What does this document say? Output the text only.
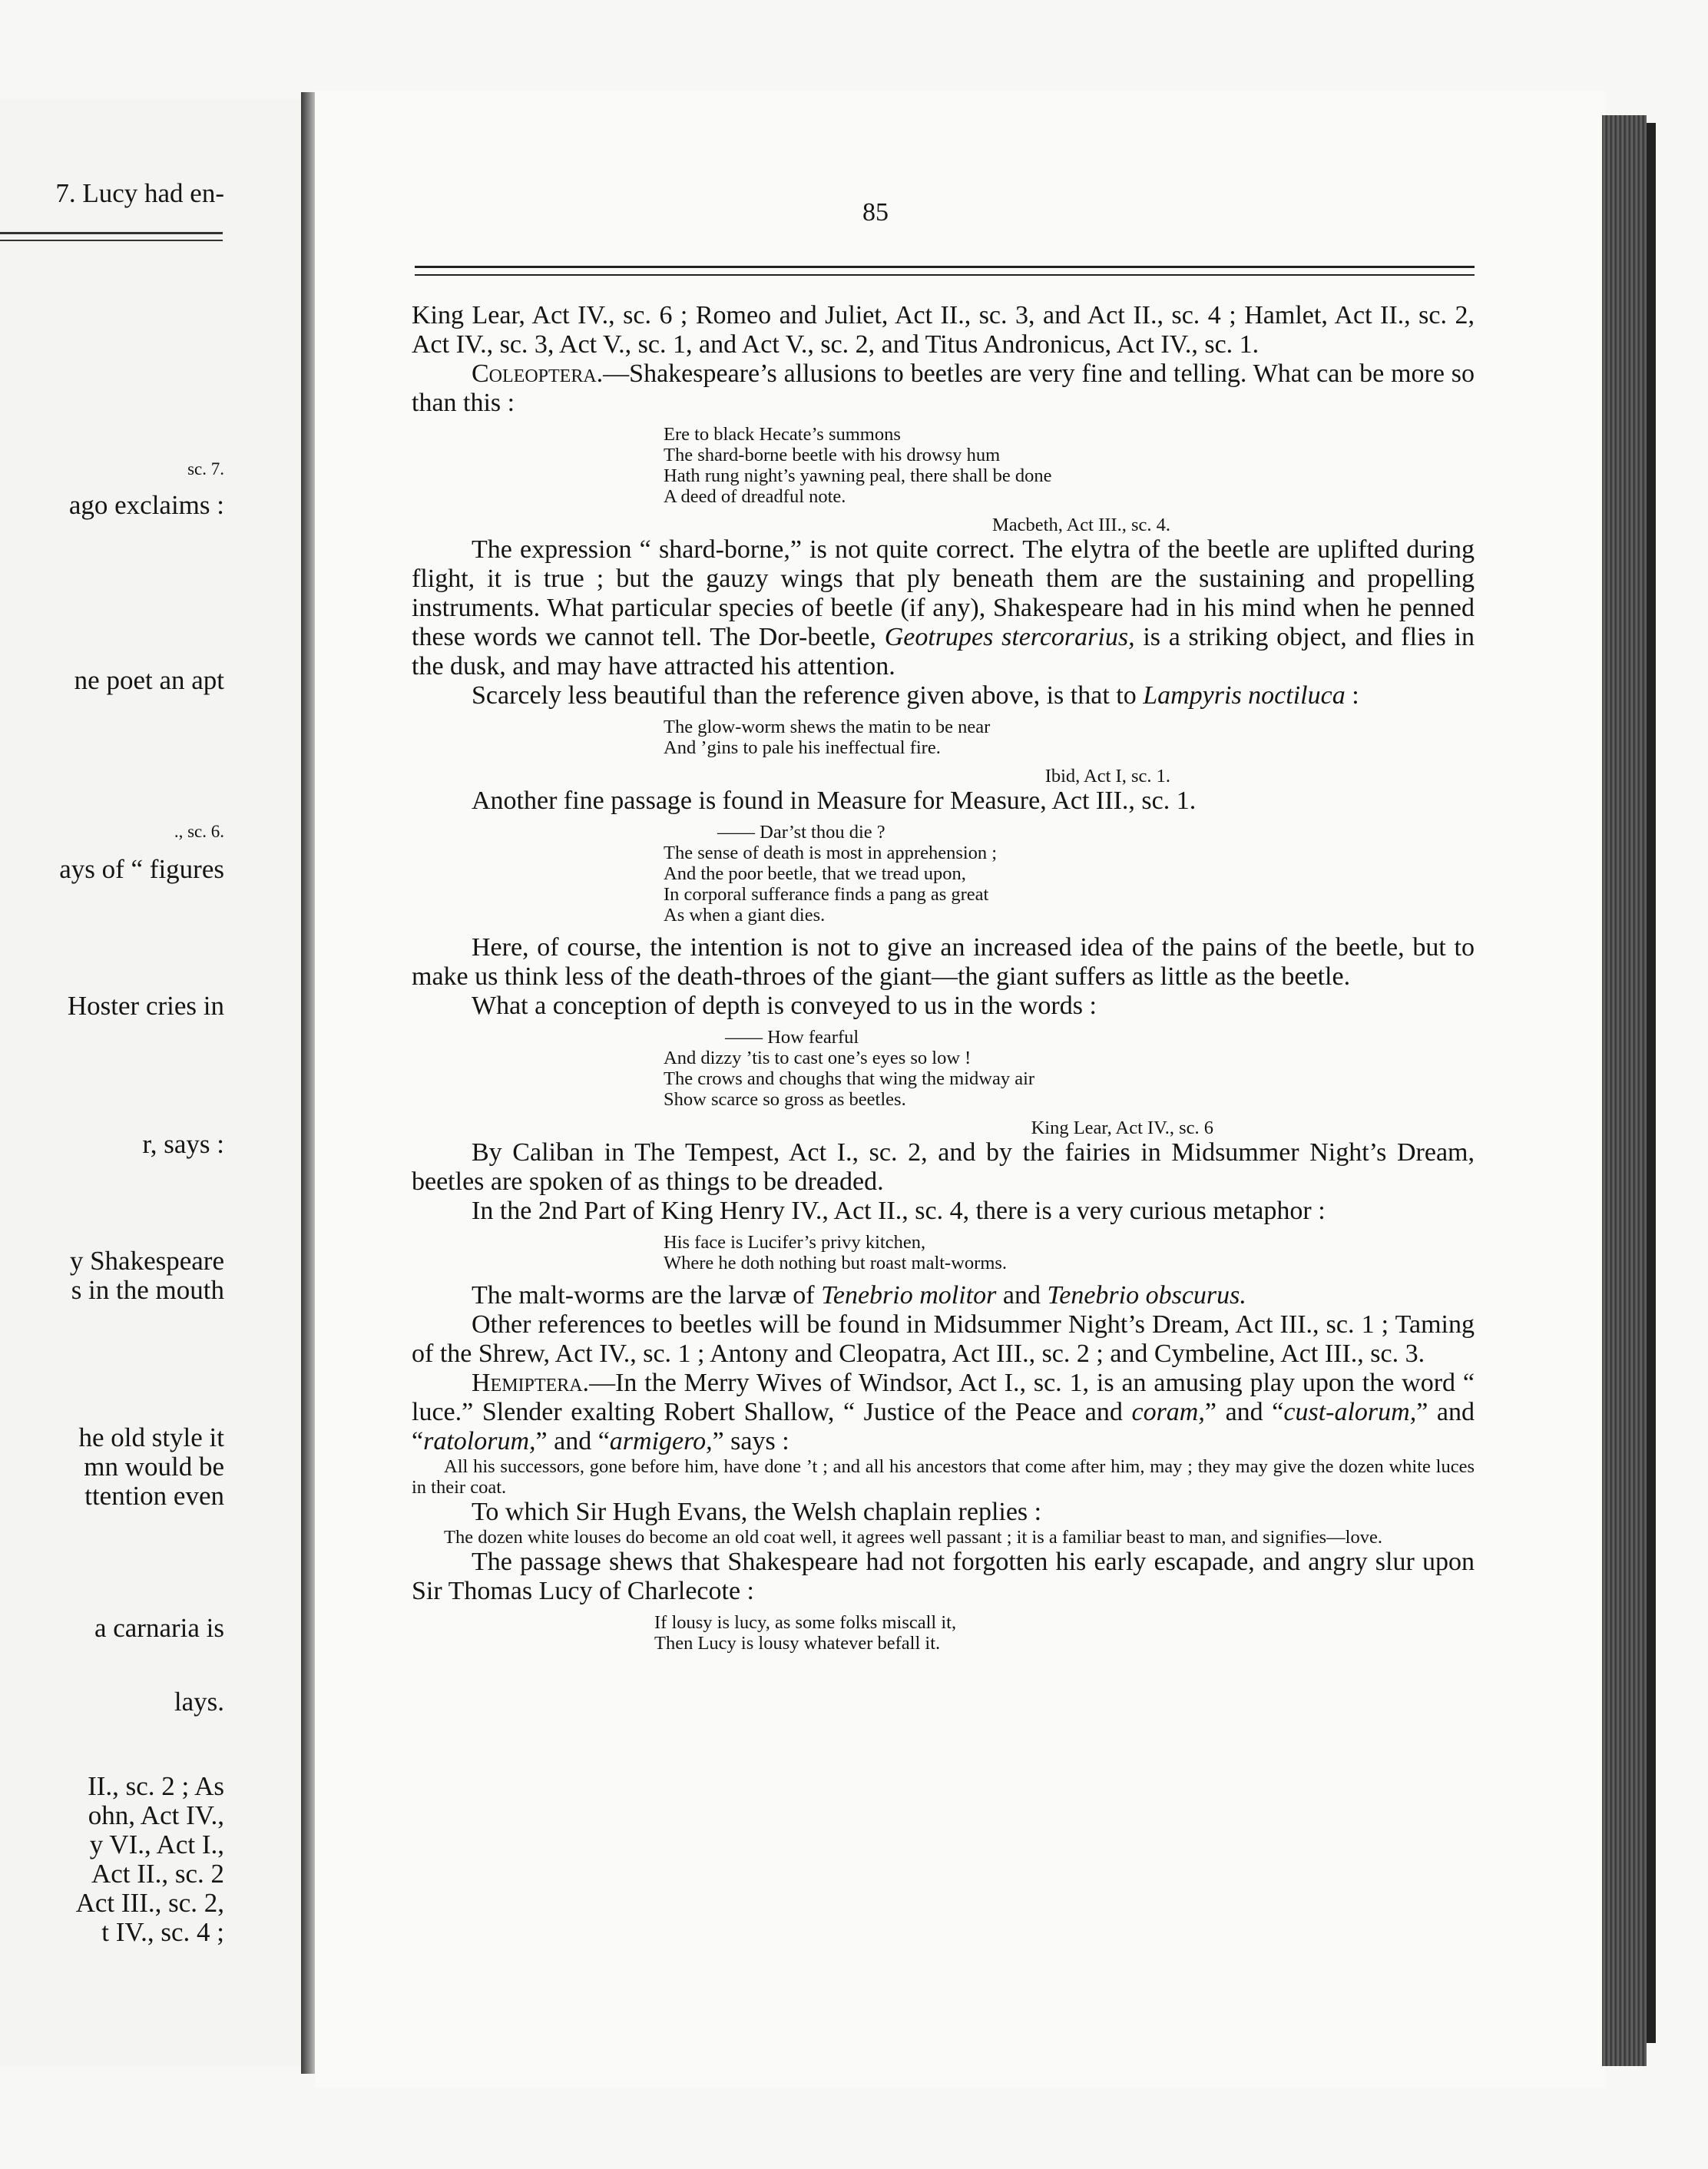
7. Lucy had en-
sc. 7.
ago exclaims :
ne poet an apt
., sc. 6.
ays of “ figures
Hoster cries in
r, says :
y Shakespeare
s in the mouth
he old style it
mn would be
ttention even
a carnaria is
lays.
II., sc. 2 ; As
ohn, Act IV.,
y VI., Act I.,
Act II., sc. 2
Act III., sc. 2,
t IV., sc. 4 ;
85

King Lear, Act IV., sc. 6 ; Romeo and Juliet, Act II., sc. 3, and Act II., sc. 4 ; Hamlet, Act II., sc. 2, Act IV., sc. 3, Act V., sc. 1, and Act V., sc. 2, and Titus Andronicus, Act IV., sc. 1.

Coleoptera.—Shakespeare’s allusions to beetles are very fine and telling. What can be more so than this :

Ere to black Hecate’s summons
The shard-borne beetle with his drowsy hum
Hath rung night’s yawning peal, there shall be done
A deed of dreadful note.
Macbeth, Act III., sc. 4.

The expression “ shard-borne,” is not quite correct. The elytra of the beetle are uplifted during flight, it is true ; but the gauzy wings that ply beneath them are the sustaining and propelling instruments. What particular species of beetle (if any), Shakespeare had in his mind when he penned these words we cannot tell. The Dor-beetle, Geotrupes stercorarius, is a striking object, and flies in the dusk, and may have attracted his attention.

Scarcely less beautiful than the reference given above, is that to Lampyris noctiluca :

The glow-worm shews the matin to be near
And ’gins to pale his ineffectual fire.
Ibid, Act I, sc. 1.

Another fine passage is found in Measure for Measure, Act III., sc. 1.

—— Dar’st thou die ?
The sense of death is most in apprehension ;
And the poor beetle, that we tread upon,
In corporal sufferance finds a pang as great
As when a giant dies.

Here, of course, the intention is not to give an increased idea of the pains of the beetle, but to make us think less of the death-throes of the giant—the giant suffers as little as the beetle.

What a conception of depth is conveyed to us in the words :

—— How fearful
And dizzy ’tis to cast one’s eyes so low !
The crows and choughs that wing the midway air
Show scarce so gross as beetles.
King Lear, Act IV., sc. 6

By Caliban in The Tempest, Act I., sc. 2, and by the fairies in Midsummer Night’s Dream, beetles are spoken of as things to be dreaded.

In the 2nd Part of King Henry IV., Act II., sc. 4, there is a very curious metaphor :

His face is Lucifer’s privy kitchen,
Where he doth nothing but roast malt-worms.

The malt-worms are the larvæ of Tenebrio molitor and Tenebrio obscurus.

Other references to beetles will be found in Midsummer Night’s Dream, Act III., sc. 1 ; Taming of the Shrew, Act IV., sc. 1 ; Antony and Cleopatra, Act III., sc. 2 ; and Cymbeline, Act III., sc. 3.

Hemiptera.—In the Merry Wives of Windsor, Act I., sc. 1, is an amusing play upon the word “ luce.” Slender exalting Robert Shallow, “ Justice of the Peace and coram,” and “cust-alorum,” and “ratolorum,” and “armigero,” says :

All his successors, gone before him, have done ’t ; and all his ancestors that come after him, may ; they may give the dozen white luces in their coat.

To which Sir Hugh Evans, the Welsh chaplain replies :

The dozen white louses do become an old coat well, it agrees well passant ; it is a familiar beast to man, and signifies—love.

The passage shews that Shakespeare had not forgotten his early escapade, and angry slur upon Sir Thomas Lucy of Charlecote :

If lousy is lucy, as some folks miscall it,
Then Lucy is lousy whatever befall it.
